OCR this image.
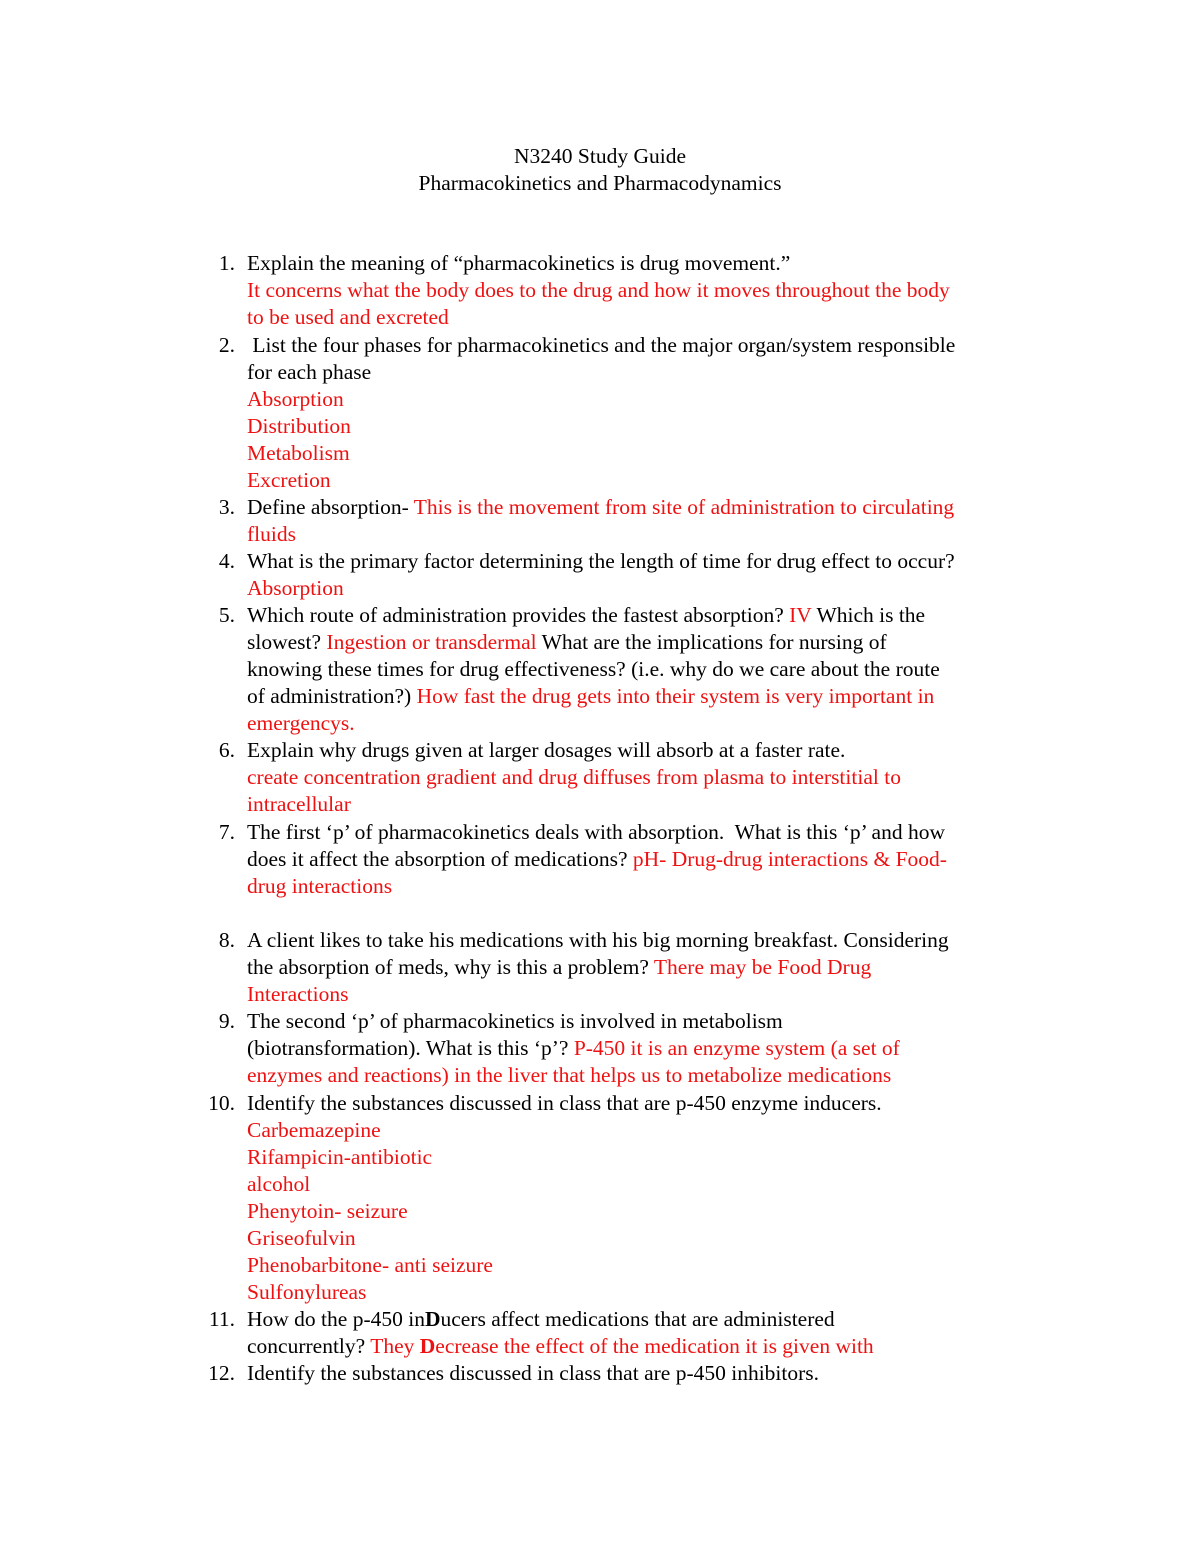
N3240 Study Guide
Pharmacokinetics and Pharmacodynamics
1. Explain the meaning of “pharmacokinetics is drug movement.”
It concerns what the body does to the drug and how it moves throughout the body
to be used and excreted
2. List the four phases for pharmacokinetics and the major organ/system responsible
for each phase
Absorption
Distribution
Metabolism
Excretion
3. Define absorption- This is the movement from site of administration to circulating
fluids
4. What is the primary factor determining the length of time for drug effect to occur?
Absorption
5. Which route of administration provides the fastest absorption? IV Which is the
slowest? Ingestion or transdermal What are the implications for nursing of
knowing these times for drug effectiveness? (i.e. why do we care about the route
of administration?) How fast the drug gets into their system is very important in
emergencys.
6. Explain why drugs given at larger dosages will absorb at a faster rate.
create concentration gradient and drug diffuses from plasma to interstitial to
intracellular
7. The first ‘p’ of pharmacokinetics deals with absorption.  What is this ‘p’ and how
does it affect the absorption of medications? pH- Drug-drug interactions & Food-
drug interactions
8. A client likes to take his medications with his big morning breakfast. Considering
the absorption of meds, why is this a problem? There may be Food Drug
Interactions
9. The second ‘p’ of pharmacokinetics is involved in metabolism
(biotransformation). What is this ‘p’? P-450 it is an enzyme system (a set of
enzymes and reactions) in the liver that helps us to metabolize medications
10. Identify the substances discussed in class that are p-450 enzyme inducers.
Carbemazepine
Rifampicin-antibiotic
alcohol
Phenytoin- seizure
Griseofulvin
Phenobarbitone- anti seizure
Sulfonylureas
11. How do the p-450 inDucers affect medications that are administered
concurrently? They Decrease the effect of the medication it is given with
12. Identify the substances discussed in class that are p-450 inhibitors.
